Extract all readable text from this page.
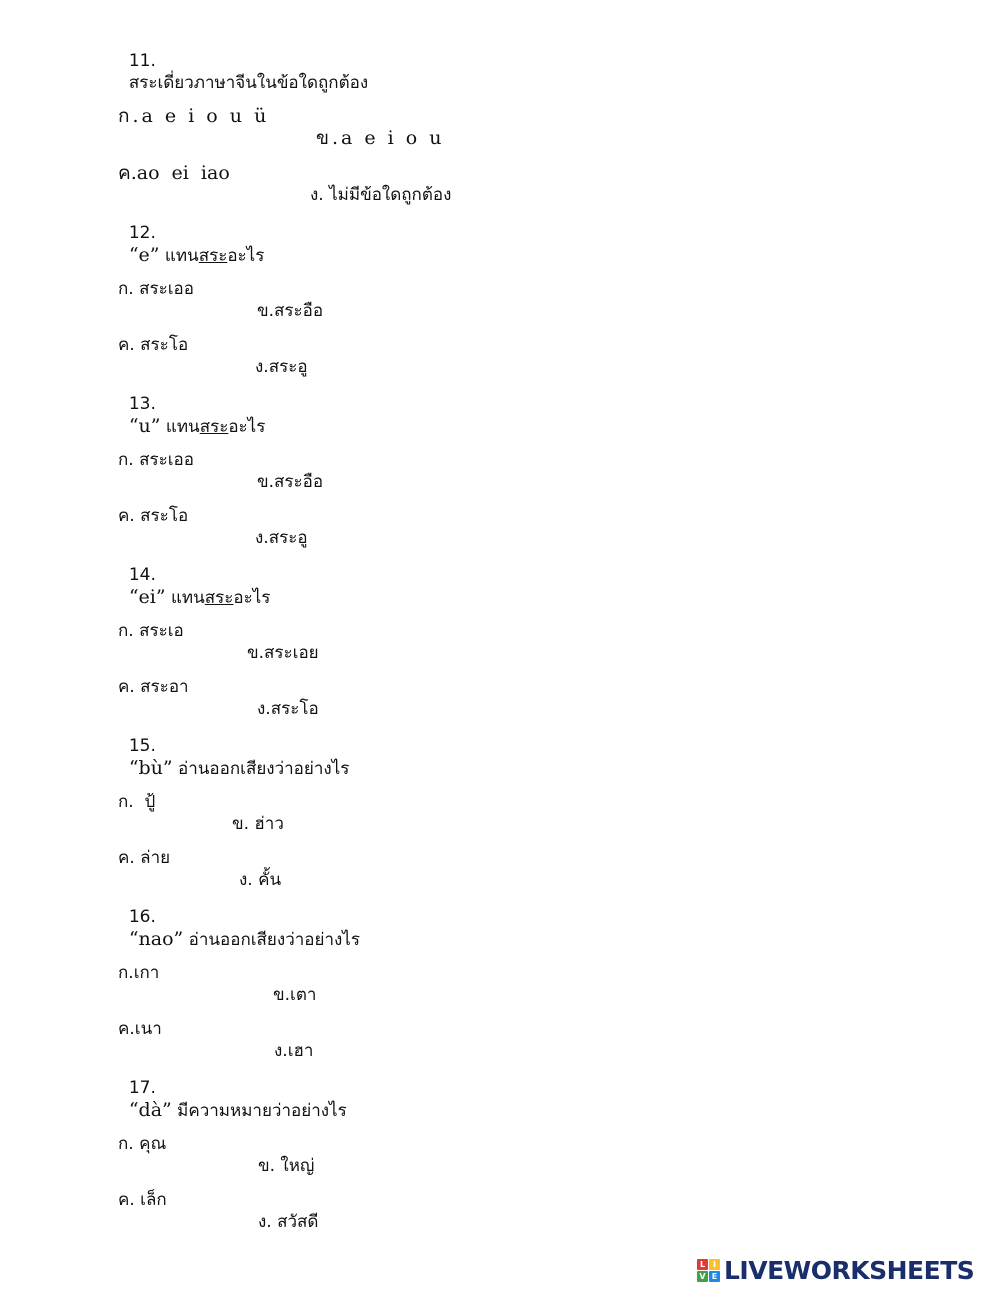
11.
สระเดี่ยวภาษาจีนในข้อใดถูกต้อง

ก.a e i o u ü

ข.a e i o u

ค.ao ei iao

ง. ไม่มีข้อใดถูกต้อง

12.
“e” แทนสระอะไร

ก. สระเออ

ข.สระอือ

ค. สระโอ

ง.สระอู

13.
“u” แทนสระอะไร

ก. สระเออ

ข.สระอือ

ค. สระโอ

ง.สระอู

14.
“ei” แทนสระอะไร

ก. สระเอ

ข.สระเอย

ค. สระอา

ง.สระโอ

15.
“bù” อ่านออกเสียงว่าอย่างไร

ก.  ปู้

ข. ฮ่าว

ค. ล่าย

ง. คั้น

16.
“nao” อ่านออกเสียงว่าอย่างไร

ก.เกา

ข.เตา

ค.เนา

ง.เฮา

17.
“dà” มีความหมายว่าอย่างไร

ก. คุณ

ข. ใหญ่

ค. เล็ก

ง. สวัสดี

L I
V E LIVEWORKSHEETS
